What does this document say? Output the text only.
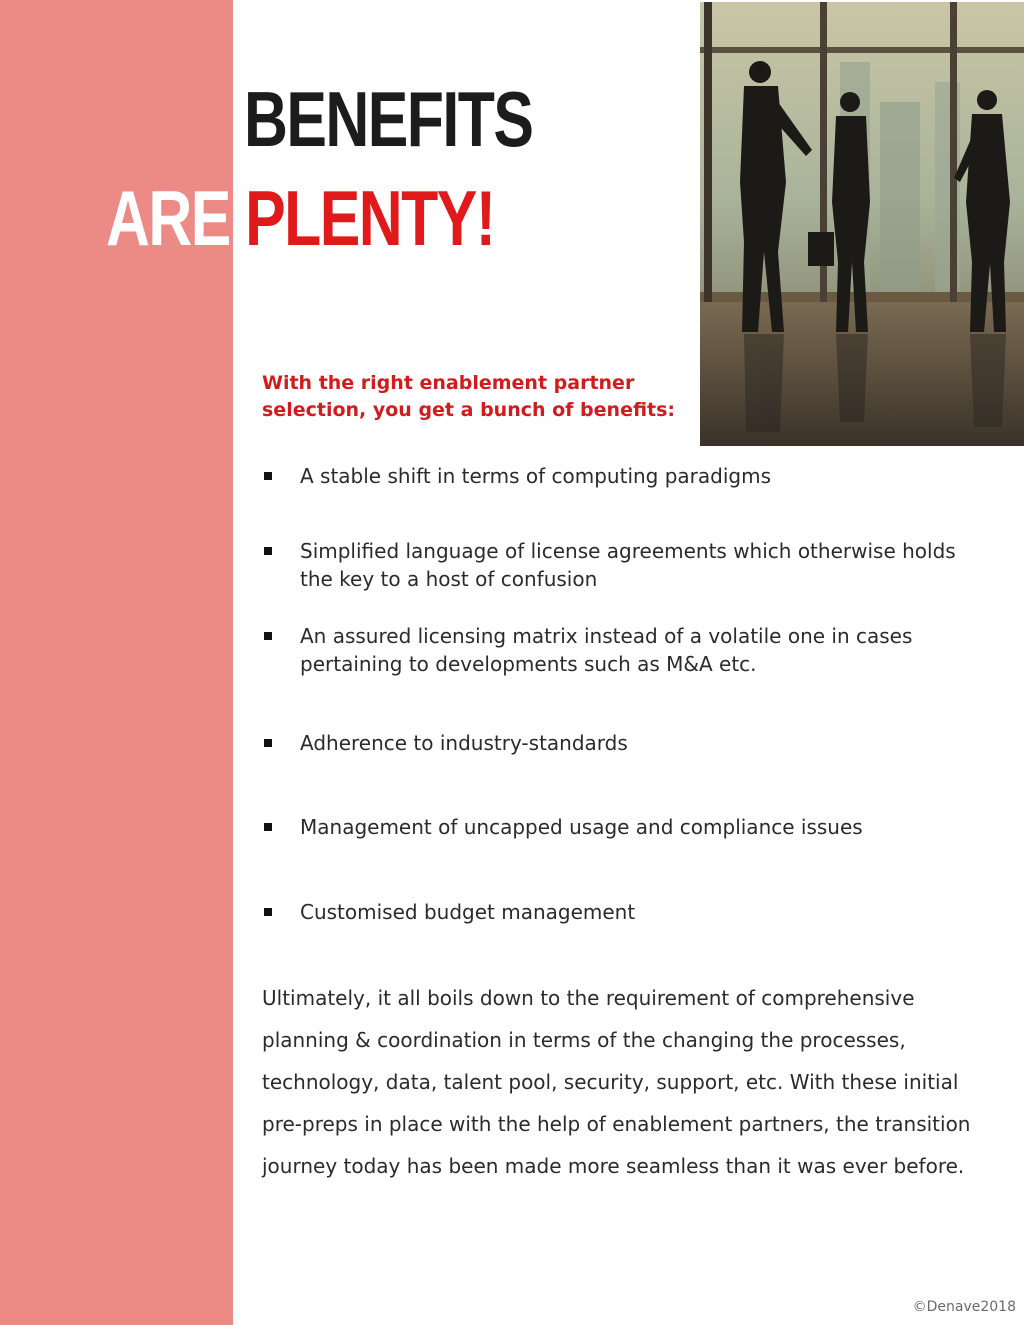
BENEFITS
ARE PLENTY!

With the right enablement partner
selection, you get a bunch of benefits:

A stable shift in terms of computing paradigms
Simplified language of license agreements which otherwise holds
the key to a host of confusion
An assured licensing matrix instead of a volatile one in cases
pertaining to developments such as M&A etc.
Adherence to industry-standards
Management of uncapped usage and compliance issues
Customised budget management

Ultimately, it all boils down to the requirement of comprehensive
planning & coordination in terms of the changing the processes,
technology, data, talent pool, security, support, etc. With these initial
pre-preps in place with the help of enablement partners, the transition
journey today has been made more seamless than it was ever before.

©Denave2018
